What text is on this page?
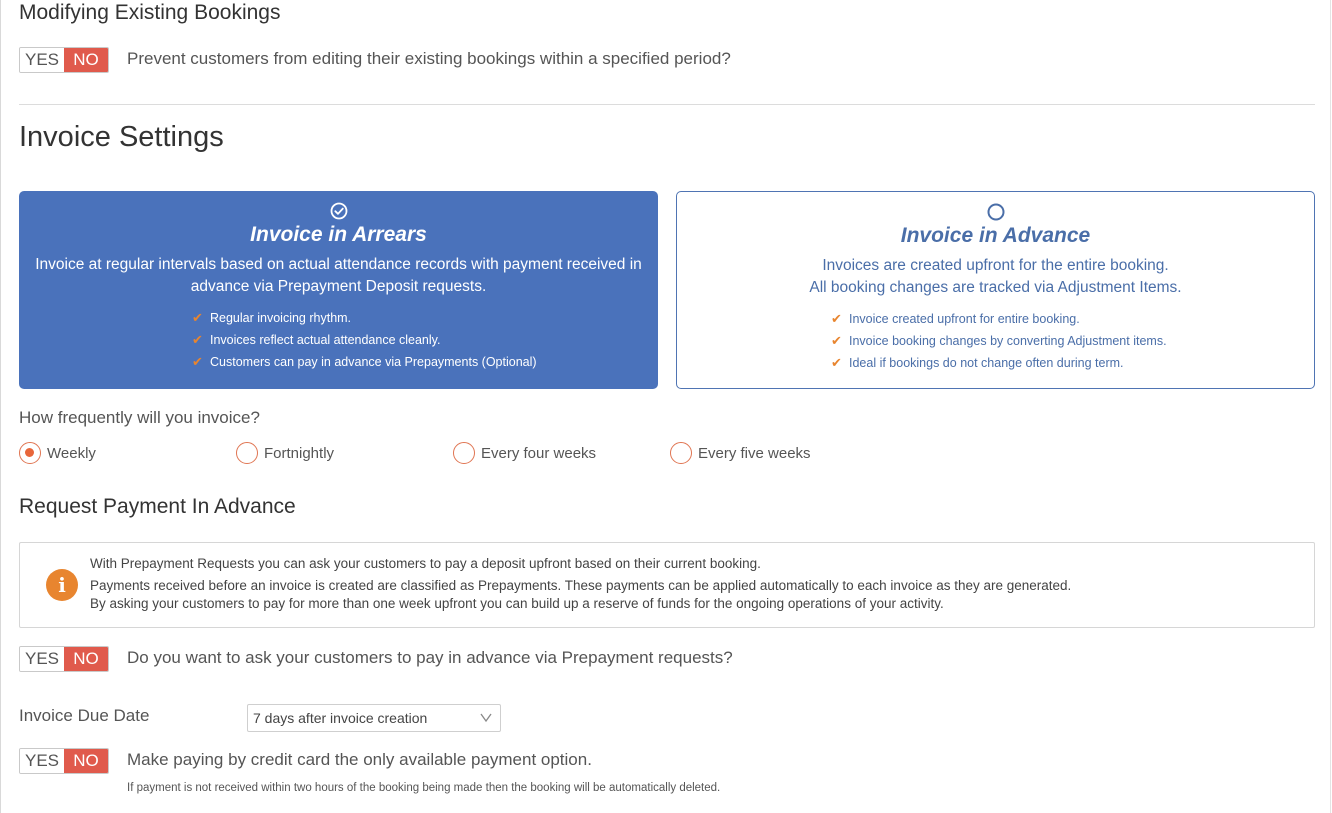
Modifying Existing Bookings
YES NO	Prevent customers from editing their existing bookings within a specified period?
Invoice Settings
Invoice in Arrears
Invoice at regular intervals based on actual attendance records with payment received in
advance via Prepayment Deposit requests.
✔ Regular invoicing rhythm.
✔ Invoices reflect actual attendance cleanly.
✔ Customers can pay in advance via Prepayments (Optional)
Invoice in Advance
Invoices are created upfront for the entire booking.
All booking changes are tracked via Adjustment Items.
✔ Invoice created upfront for entire booking.
✔ Invoice booking changes by converting Adjustment items.
✔ Ideal if bookings do not change often during term.
How frequently will you invoice?
Weekly	Fortnightly	Every four weeks	Every five weeks
Request Payment In Advance
i
With Prepayment Requests you can ask your customers to pay a deposit upfront based on their current booking.
Payments received before an invoice is created are classified as Prepayments. These payments can be applied automatically to each invoice as they are generated.
By asking your customers to pay for more than one week upfront you can build up a reserve of funds for the ongoing operations of your activity.
YES NO	Do you want to ask your customers to pay in advance via Prepayment requests?
Invoice Due Date	7 days after invoice creation
YES NO	Make paying by credit card the only available payment option.
If payment is not received within two hours of the booking being made then the booking will be automatically deleted.
